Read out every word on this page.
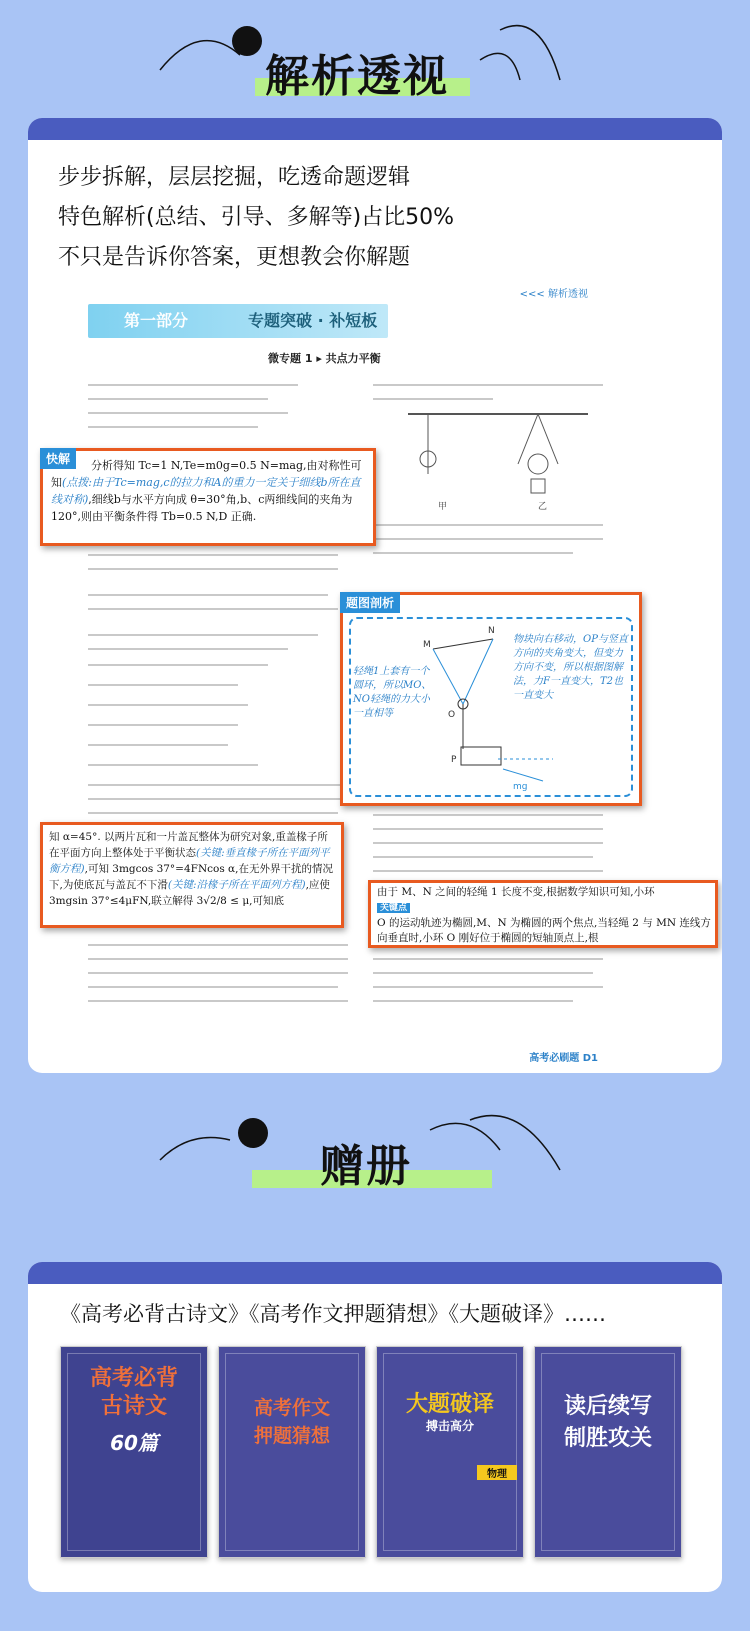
解析透视
步步拆解，层层挖掘，吃透命题逻辑
特色解析(总结、引导、多解等)占比50%
不只是告诉你答案，更想教会你解题
<<< 解析透视
第一部分	专题突破 · 补短板
微专题 1 ▸ 共点力平衡
甲	乙
高考必刷题 D1
快解	分析得知 Tc=1 N,Te=m0g=0.5 N=mag,由对称性可知(点拨:由于Tc=mag,c的拉力和A的重力一定关于细线b所在直线对称),细线b与水平方向成 θ=30°角,b、c两细线间的夹角为 120°,则由平衡条件得 Tb=0.5 N,D 正确.
题图剖析
N
M
O
P
mg
物块向右移动，OP与竖直方向的夹角变大，但变力方向不变，所以根据图解法，力F一直变大，T2也一直变大
轻绳1上套有一个圆环，所以MO、NO轻绳的力大小一直相等
知 α=45°. 以两片瓦和一片盖瓦整体为研究对象,重盖椽子所在平面方向上整体处于平衡状态(关键:垂直椽子所在平面列平衡方程),可知 3mgcos 37°=4FNcos α,在无外界干扰的情况下,为使底瓦与盖瓦不下滑(关键:沿椽子所在平面列方程),应使 3mgsin 37°≤4μFN,联立解得 3√2/8 ≤ μ,可知底
由于 M、N 之间的轻绳 1 长度不变,根据数学知识可知,小环
关键点
O 的运动轨迹为椭圆,M、N 为椭圆的两个焦点,当轻绳 2 与 MN 连线方向垂直时,小环 O 刚好位于椭圆的短轴顶点上,根
赠册
《高考必背古诗文》《高考作文押题猜想》《大题破译》……
高考必背
古诗文
60篇
高考作文
押题猜想
大题破译
搏击高分
物理
读后续写
制胜攻关
